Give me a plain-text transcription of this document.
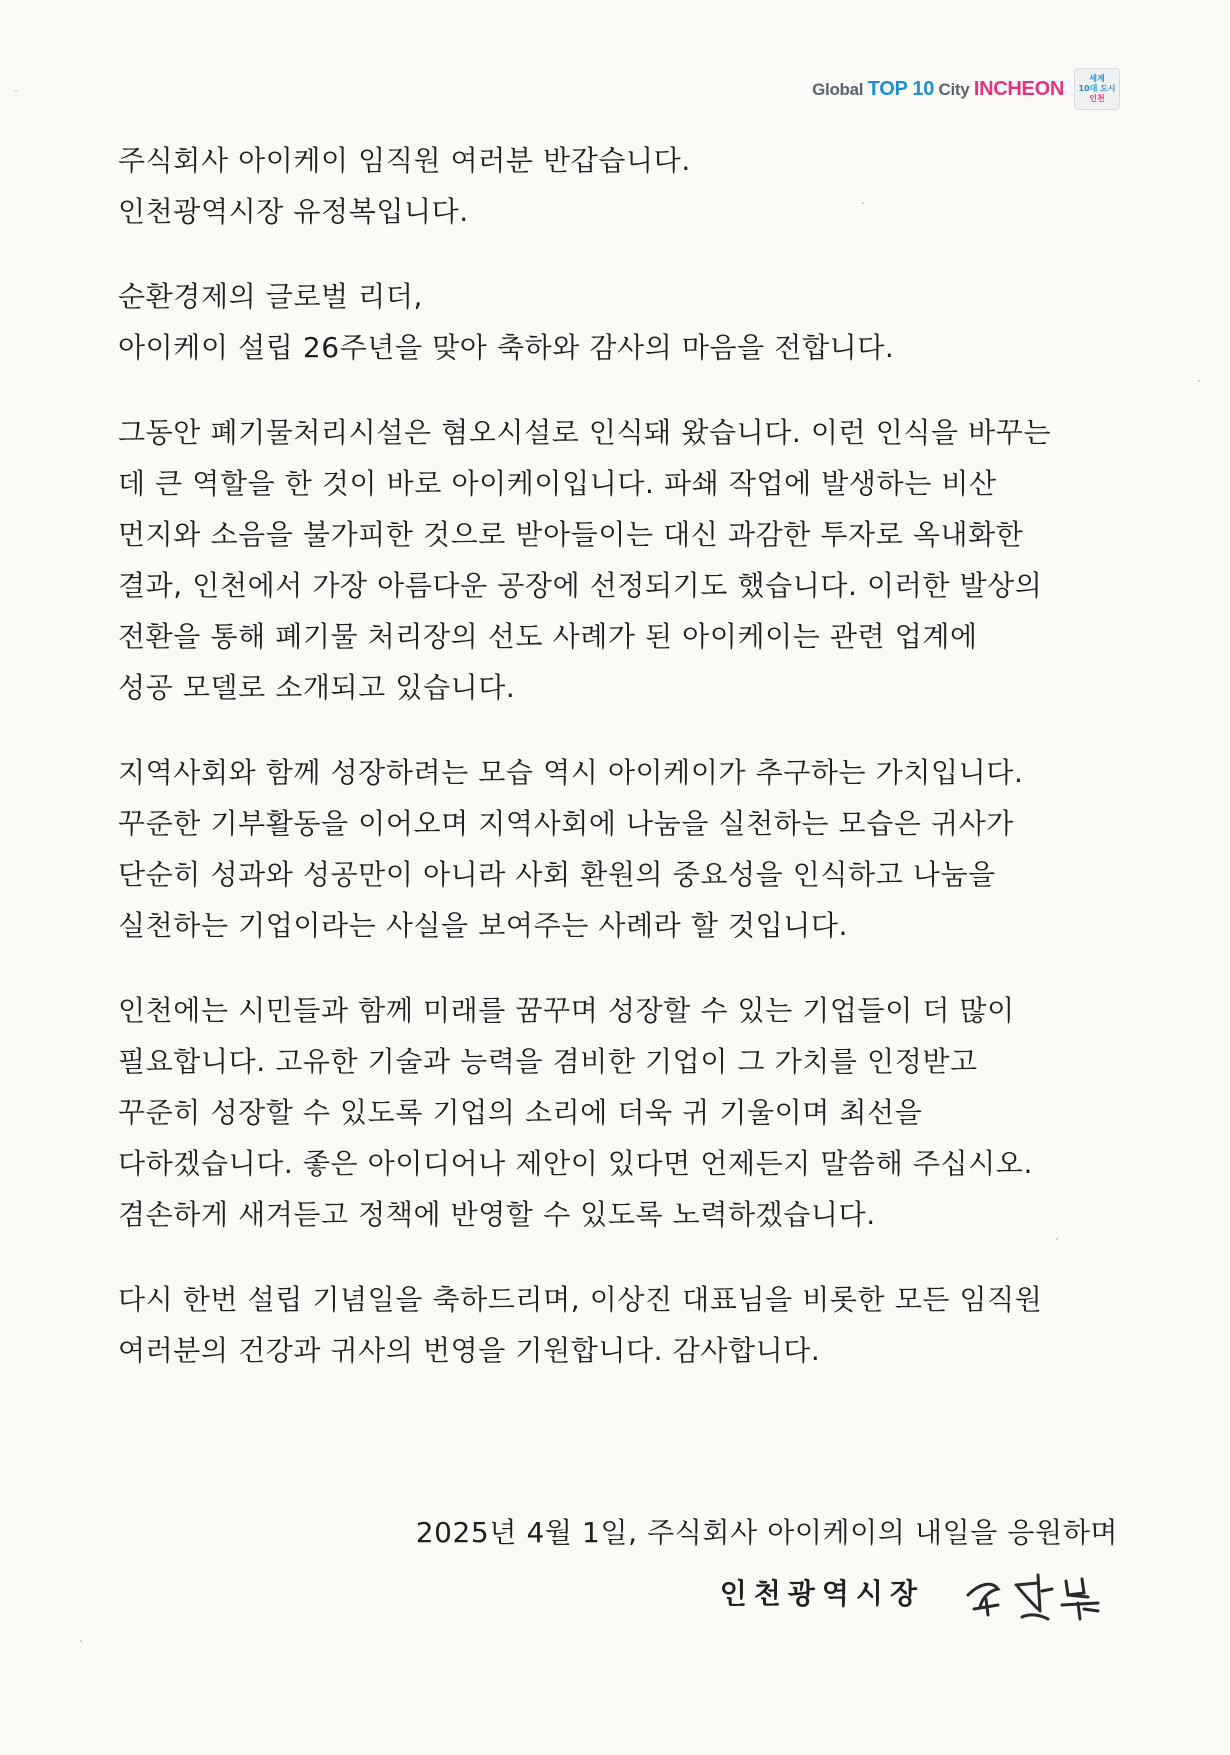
Global TOP 10 City INCHEON	세계
10대 도시
인천

주식회사 아이케이 임직원 여러분 반갑습니다.
인천광역시장 유정복입니다.

순환경제의 글로벌 리더,
아이케이 설립 26주년을 맞아 축하와 감사의 마음을 전합니다.

그동안 폐기물처리시설은 혐오시설로 인식돼 왔습니다. 이런 인식을 바꾸는
데 큰 역할을 한 것이 바로 아이케이입니다. 파쇄 작업에 발생하는 비산
먼지와 소음을 불가피한 것으로 받아들이는 대신 과감한 투자로 옥내화한
결과, 인천에서 가장 아름다운 공장에 선정되기도 했습니다. 이러한 발상의
전환을 통해 폐기물 처리장의 선도 사례가 된 아이케이는 관련 업계에
성공 모델로 소개되고 있습니다.

지역사회와 함께 성장하려는 모습 역시 아이케이가 추구하는 가치입니다.
꾸준한 기부활동을 이어오며 지역사회에 나눔을 실천하는 모습은 귀사가
단순히 성과와 성공만이 아니라 사회 환원의 중요성을 인식하고 나눔을
실천하는 기업이라는 사실을 보여주는 사례라 할 것입니다.

인천에는 시민들과 함께 미래를 꿈꾸며 성장할 수 있는 기업들이 더 많이
필요합니다. 고유한 기술과 능력을 겸비한 기업이 그 가치를 인정받고
꾸준히 성장할 수 있도록 기업의 소리에 더욱 귀 기울이며 최선을
다하겠습니다. 좋은 아이디어나 제안이 있다면 언제든지 말씀해 주십시오.
겸손하게 새겨듣고 정책에 반영할 수 있도록 노력하겠습니다.

다시 한번 설립 기념일을 축하드리며, 이상진 대표님을 비롯한 모든 임직원
여러분의 건강과 귀사의 번영을 기원합니다. 감사합니다.

2025년 4월 1일, 주식회사 아이케이의 내일을 응원하며
인천광역시장
